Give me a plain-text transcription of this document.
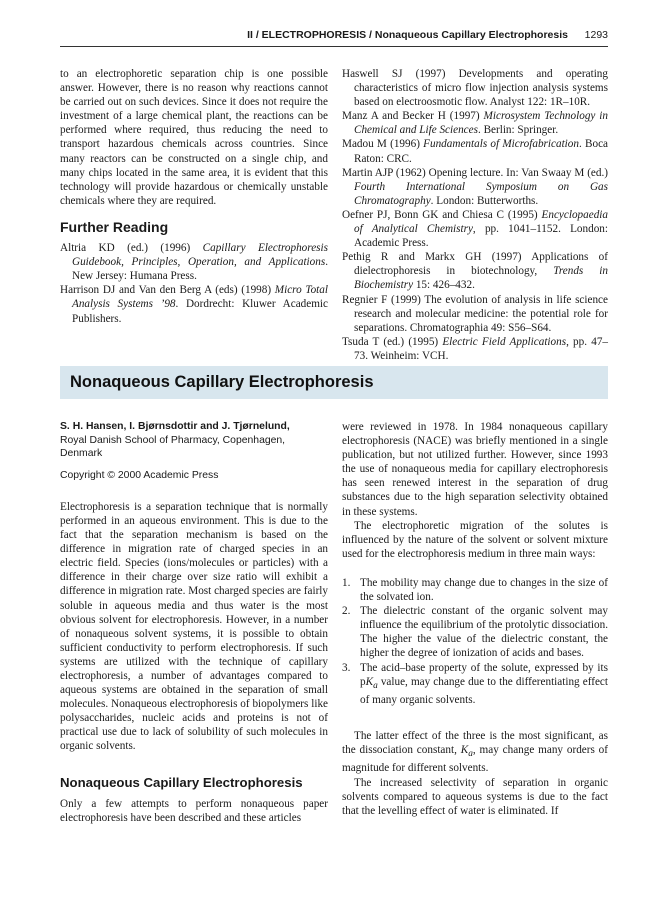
II / ELECTROPHORESIS / Nonaqueous Capillary Electrophoresis 1293

to an electrophoretic separation chip is one possible answer. However, there is no reason why reactions cannot be carried out on such devices. Since it does not require the investment of a large chemical plant, the reactions can be performed where required, thus reducing the need to transport hazardous chemicals across countries. Since many reactors can be constructed on a single chip, and many chips located in the same area, it is evident that this technology will provide hazardous or chemically unstable chemicals where they are required.

Further Reading

Altria KD (ed.) (1996) Capillary Electrophoresis Guidebook, Principles, Operation, and Applications. New Jersey: Humana Press.

Harrison DJ and Van den Berg A (eds) (1998) Micro Total Analysis Systems ’98. Dordrecht: Kluwer Academic Publishers.

Haswell SJ (1997) Developments and operating characteristics of micro flow injection analysis systems based on electroosmotic flow. Analyst 122: 1R–10R.

Manz A and Becker H (1997) Microsystem Technology in Chemical and Life Sciences. Berlin: Springer.

Madou M (1996) Fundamentals of Microfabrication. Boca Raton: CRC.

Martin AJP (1962) Opening lecture. In: Van Swaay M (ed.) Fourth International Symposium on Gas Chromatography. London: Butterworths.

Oefner PJ, Bonn GK and Chiesa C (1995) Encyclopaedia of Analytical Chemistry, pp. 1041–1152. London: Academic Press.

Pethig R and Markx GH (1997) Applications of dielectrophoresis in biotechnology, Trends in Biochemistry 15: 426–432.

Regnier F (1999) The evolution of analysis in life science research and molecular medicine: the potential role for separations. Chromatographia 49: S56–S64.

Tsuda T (ed.) (1995) Electric Field Applications, pp. 47–73. Weinheim: VCH.

Nonaqueous Capillary Electrophoresis
S. H. Hansen, I. Bjørnsdottir and J. Tjørnelund,
Royal Danish School of Pharmacy, Copenhagen,
Denmark
Copyright © 2000 Academic Press

Electrophoresis is a separation technique that is normally performed in an aqueous environment. This is due to the fact that the separation mechanism is based on the difference in migration rate of charged species in an electric field. Species (ions/molecules or particles) with a difference in their charge over size ratio will exhibit a difference in migration rate. Most charged species are fairly soluble in aqueous media and thus water is the most obvious solvent for electrophoresis. However, in a number of nonaqueous solvent systems, it is possible to obtain sufficient conductivity to perform electrophoresis. If such systems are utilized with the technique of capillary electrophoresis, a number of advantages compared to aqueous systems are obtained in the separation of small molecules. Nonaqueous electrophoresis of biopolymers like polysaccharides, nucleic acids and proteins is not of practical use due to lack of solubility of such molecules in organic solvents.

Nonaqueous Capillary Electrophoresis

Only a few attempts to perform nonaqueous paper electrophoresis have been described and these articles

were reviewed in 1978. In 1984 nonaqueous capillary electrophoresis (NACE) was briefly mentioned in a single publication, but not utilized further. However, since 1993 the use of nonaqueous media for capillary electrophoresis has seen renewed interest in the separation of drug substances due to the high separation selectivity obtained in these systems.

The electrophoretic migration of the solutes is influenced by the nature of the solvent or solvent mixture used for the electrophoresis medium in three main ways:

1. The mobility may change due to changes in the size of the solvated ion.
2. The dielectric constant of the organic solvent may influence the equilibrium of the protolytic dissociation. The higher the value of the dielectric constant, the higher the degree of ionization of acids and bases.
3. The acid–base property of the solute, expressed by its $pK_a$ value, may change due to the differentiating effect of many organic solvents.

The latter effect of the three is the most significant, as the dissociation constant, $K_a$, may change many orders of magnitude for different solvents.

The increased selectivity of separation in organic solvents compared to aqueous systems is due to the fact that the levelling effect of water is eliminated. If
